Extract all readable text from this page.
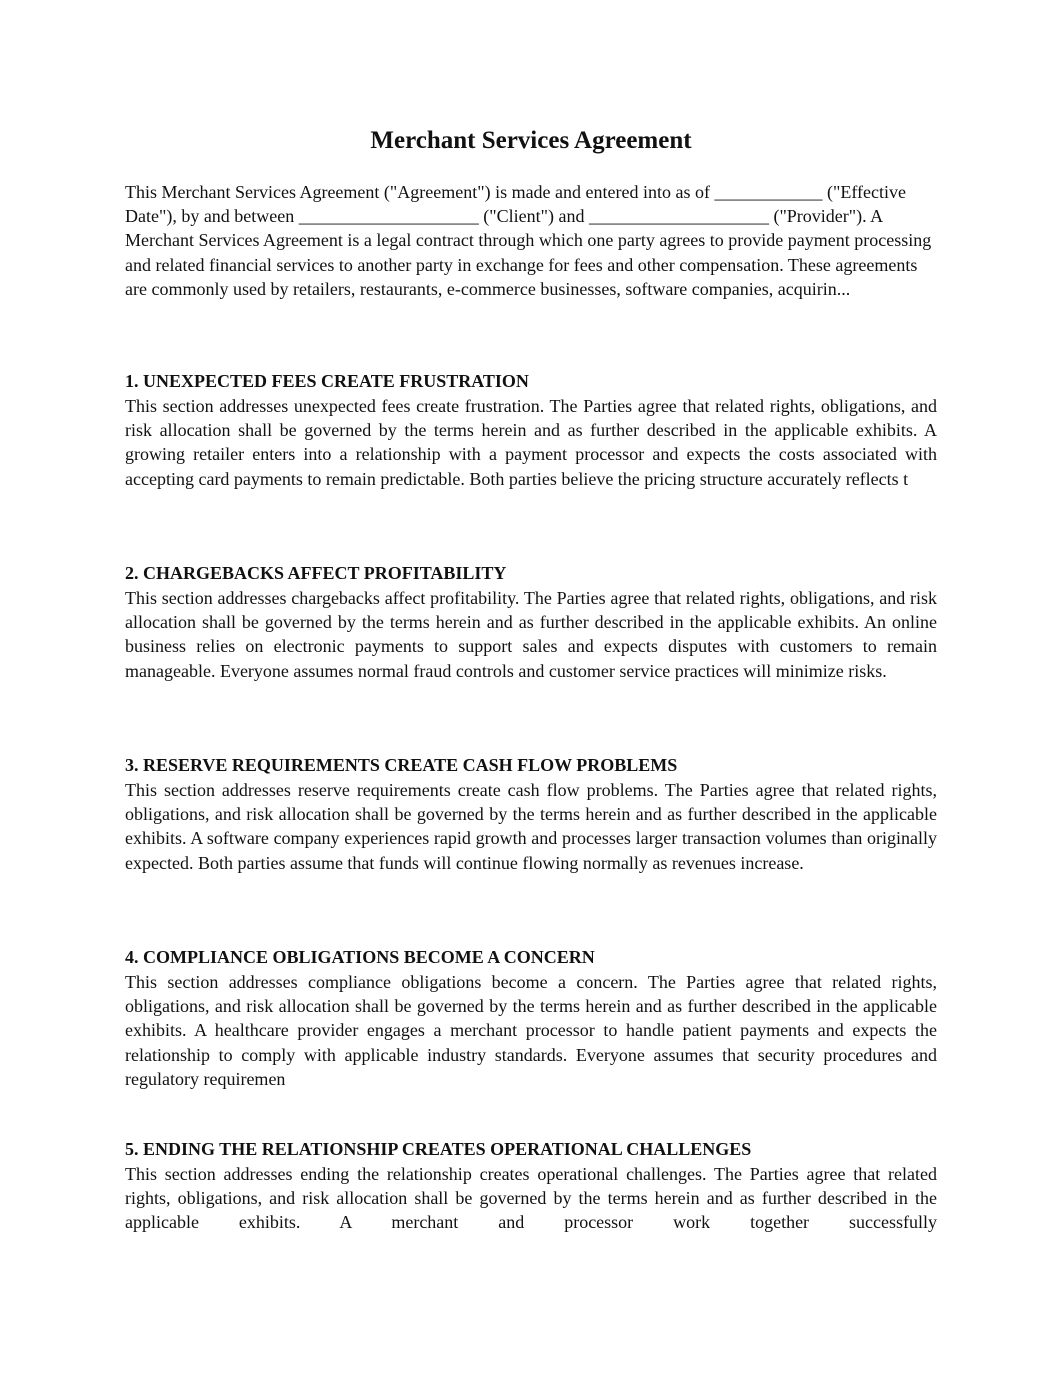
Merchant Services Agreement

This Merchant Services Agreement ("Agreement") is made and entered into as of ____________ ("Effective Date"), by and between ____________________ ("Client") and ____________________ ("Provider"). A Merchant Services Agreement is a legal contract through which one party agrees to provide payment processing and related financial services to another party in exchange for fees and other compensation. These agreements are commonly used by retailers, restaurants, e-commerce businesses, software companies, acquirin...

1. UNEXPECTED FEES CREATE FRUSTRATION

This section addresses unexpected fees create frustration. The Parties agree that related rights, obligations, and risk allocation shall be governed by the terms herein and as further described in the applicable exhibits. A growing retailer enters into a relationship with a payment processor and expects the costs associated with accepting card payments to remain predictable. Both parties believe the pricing structure accurately reflects t

2. CHARGEBACKS AFFECT PROFITABILITY

This section addresses chargebacks affect profitability. The Parties agree that related rights, obligations, and risk allocation shall be governed by the terms herein and as further described in the applicable exhibits. An online business relies on electronic payments to support sales and expects disputes with customers to remain manageable. Everyone assumes normal fraud controls and customer service practices will minimize risks.

3. RESERVE REQUIREMENTS CREATE CASH FLOW PROBLEMS

This section addresses reserve requirements create cash flow problems. The Parties agree that related rights, obligations, and risk allocation shall be governed by the terms herein and as further described in the applicable exhibits. A software company experiences rapid growth and processes larger transaction volumes than originally expected. Both parties assume that funds will continue flowing normally as revenues increase.

4. COMPLIANCE OBLIGATIONS BECOME A CONCERN

This section addresses compliance obligations become a concern. The Parties agree that related rights, obligations, and risk allocation shall be governed by the terms herein and as further described in the applicable exhibits. A healthcare provider engages a merchant processor to handle patient payments and expects the relationship to comply with applicable industry standards. Everyone assumes that security procedures and regulatory requiremen

5. ENDING THE RELATIONSHIP CREATES OPERATIONAL CHALLENGES

This section addresses ending the relationship creates operational challenges. The Parties agree that related rights, obligations, and risk allocation shall be governed by the terms herein and as further described in the applicable exhibits. A merchant and processor work together successfully
